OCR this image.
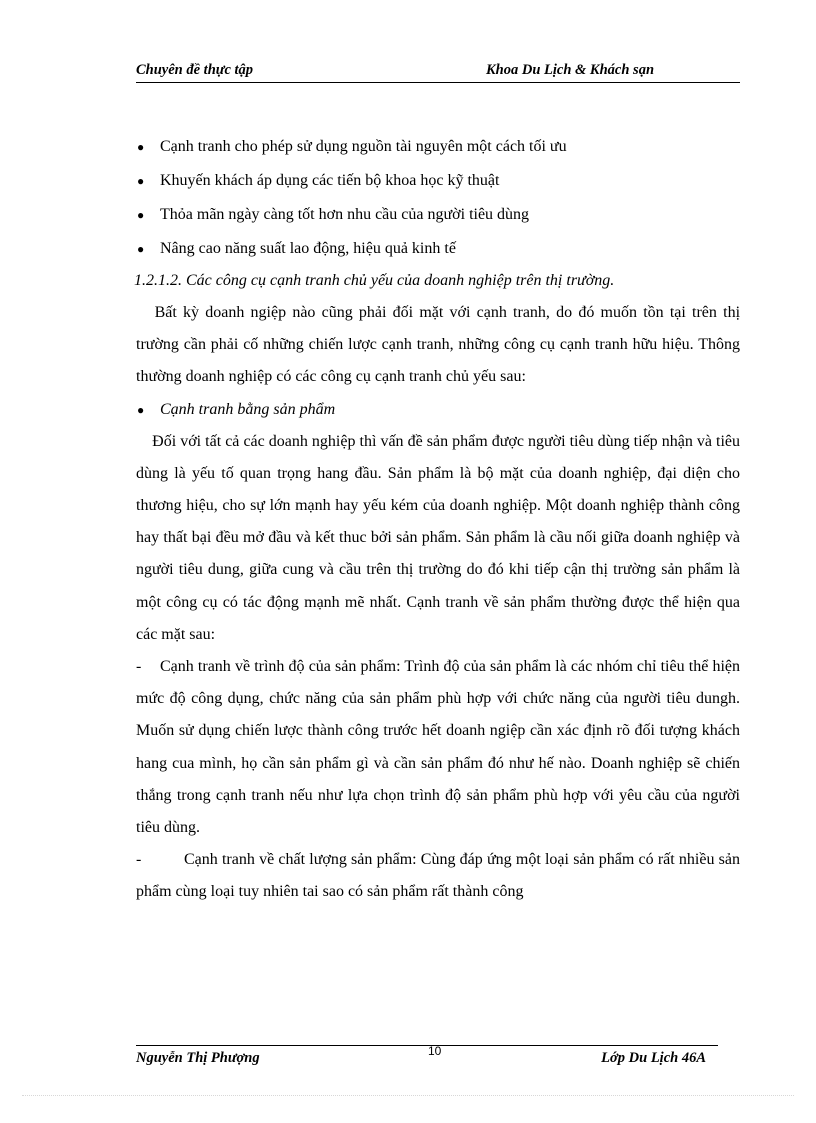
Chuyên đề thực tập	Khoa Du Lịch & Khách sạn
● Cạnh tranh cho phép sử dụng nguồn tài nguyên một cách tối ưu
● Khuyến khách áp dụng các tiến bộ khoa học kỹ thuật
● Thỏa mãn ngày càng tốt hơn nhu cầu của người tiêu dùng
● Nâng cao năng suất lao động, hiệu quả kinh tế
1.2.1.2. Các công cụ cạnh tranh chủ yếu của doanh nghiệp trên thị trường.

Bất kỳ doanh ngiệp nào cũng phải đối mặt với cạnh tranh, do đó muốn tồn tại trên thị trường cần phải cố những chiến lược cạnh tranh, những công cụ cạnh tranh hữu hiệu. Thông thường doanh nghiệp có các công cụ cạnh tranh chủ yếu sau:

● Cạnh tranh bằng sản phẩm

Đối với tất cả các doanh nghiệp thì vấn đề sản phẩm được người tiêu dùng tiếp nhận và tiêu dùng là yếu tố quan trọng hang đầu. Sản phẩm là bộ mặt của doanh nghiệp, đại diện cho thương hiệu, cho sự lớn mạnh hay yếu kém của doanh nghiệp. Một doanh nghiệp thành công hay thất bại đều mở đầu và kết thuc bởi sản phẩm. Sản phẩm là cầu nối giữa doanh nghiệp và người tiêu dung, giữa cung và cầu trên thị trường do đó khi tiếp cận thị trường sản phẩm là một công cụ có tác động mạnh mẽ nhất. Cạnh tranh về sản phẩm thường được thể hiện qua các mặt sau:

- Cạnh tranh về trình độ của sản phẩm: Trình độ của sản phẩm là các nhóm chỉ tiêu thể hiện mức độ công dụng, chức năng của sản phẩm phù hợp với chức năng của người tiêu dungh. Muốn sử dụng chiến lược thành công trước hết doanh ngiệp cần xác định rõ đối tượng khách hang cua mình, họ cần sản phẩm gì và cần sản phẩm đó như hế nào. Doanh nghiệp sẽ chiến thắng trong cạnh tranh nếu như lựa chọn trình độ sản phẩm phù hợp với yêu cầu của người tiêu dùng.
-	Cạnh tranh về chất lượng sản phẩm: Cùng đáp ứng một loại sản phẩm có rất nhiều sản phẩm cùng loại tuy nhiên tai sao có sản phẩm rất thành công
Nguyễn Thị Phượng	10	Lớp Du Lịch 46A
